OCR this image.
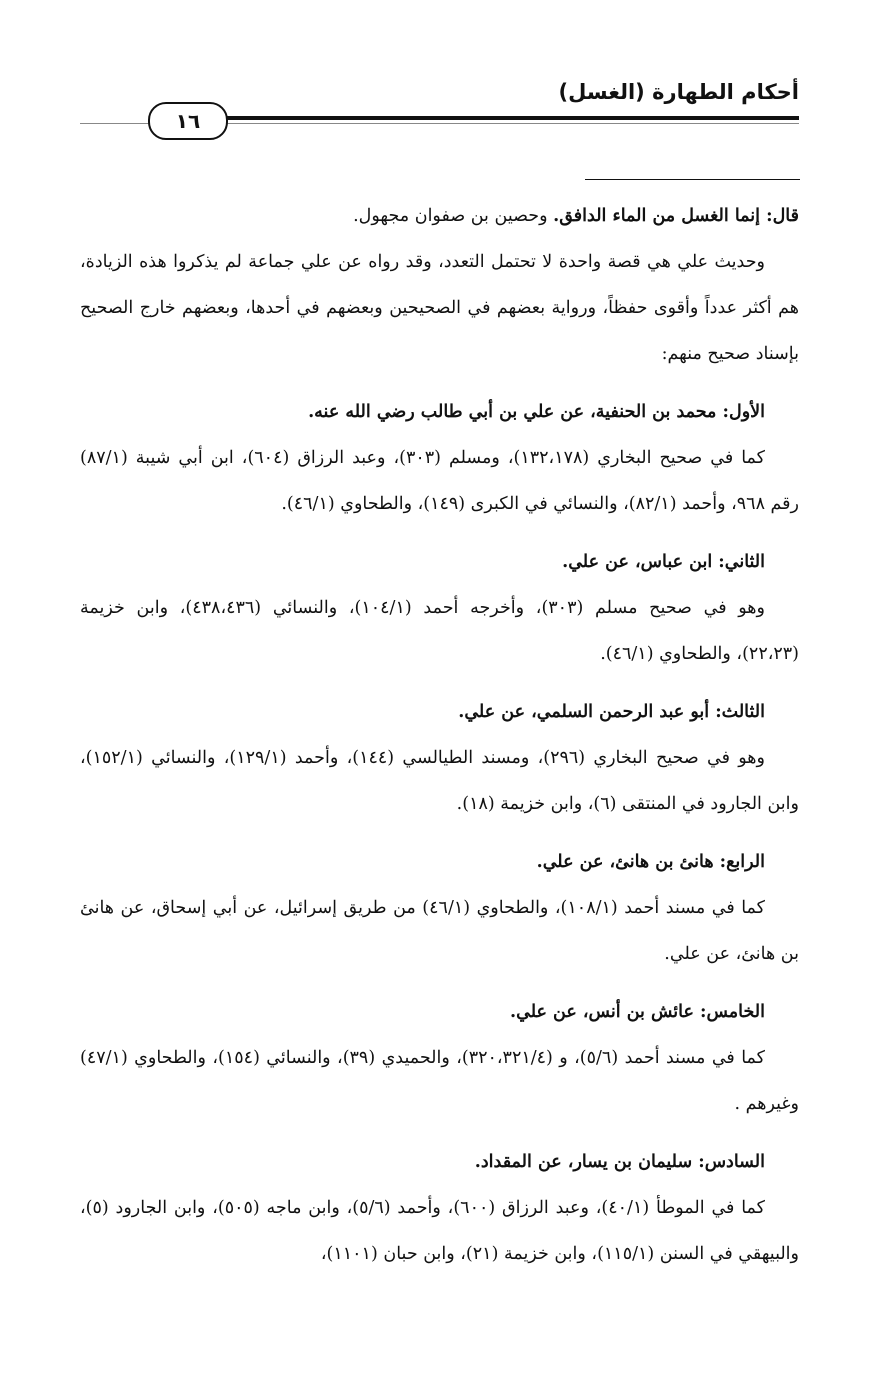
أحكام الطهارة (الغسل)
١٦

قال: إنما الغسل من الماء الدافق. وحصين بن صفوان مجهول.

وحديث علي هي قصة واحدة لا تحتمل التعدد، وقد رواه عن علي جماعة لم يذكروا هذه الزيادة، هم أكثر عدداً وأقوى حفظاً، ورواية بعضهم في الصحيحين وبعضهم في أحدها، وبعضهم خارج الصحيح بإسناد صحيح منهم:

الأول: محمد بن الحنفية، عن علي بن أبي طالب رضي الله عنه.

كما في صحيح البخاري (١٣٢،١٧٨)، ومسلم (٣٠٣)، وعبد الرزاق (٦٠٤)، ابن أبي شيبة (٨٧/١) رقم ٩٦٨، وأحمد (٨٢/١)، والنسائي في الكبرى (١٤٩)، والطحاوي (٤٦/١).

الثاني: ابن عباس، عن علي.

وهو في صحيح مسلم (٣٠٣)، وأخرجه أحمد (١٠٤/١)، والنسائي (٤٣٨،٤٣٦)، وابن خزيمة (٢٢،٢٣)، والطحاوي (٤٦/١).

الثالث: أبو عبد الرحمن السلمي، عن علي.

وهو في صحيح البخاري (٢٩٦)، ومسند الطيالسي (١٤٤)، وأحمد (١٢٩/١)، والنسائي (١٥٢/١)، وابن الجارود في المنتقى (٦)، وابن خزيمة (١٨).

الرابع: هانئ بن هانئ، عن علي.

كما في مسند أحمد (١٠٨/١)، والطحاوي (٤٦/١) من طريق إسرائيل، عن أبي إسحاق، عن هانئ بن هانئ، عن علي.

الخامس: عائش بن أنس، عن علي.

كما في مسند أحمد (٥/٦)، و (٣٢٠،٣٢١/٤)، والحميدي (٣٩)، والنسائي (١٥٤)، والطحاوي (٤٧/١) وغيرهم .

السادس: سليمان بن يسار، عن المقداد.

كما في الموطأ (٤٠/١)، وعبد الرزاق (٦٠٠)، وأحمد (٥/٦)، وابن ماجه (٥٠٥)، وابن الجارود (٥)، والبيهقي في السنن (١١٥/١)، وابن خزيمة (٢١)، وابن حبان (١١٠١)،
